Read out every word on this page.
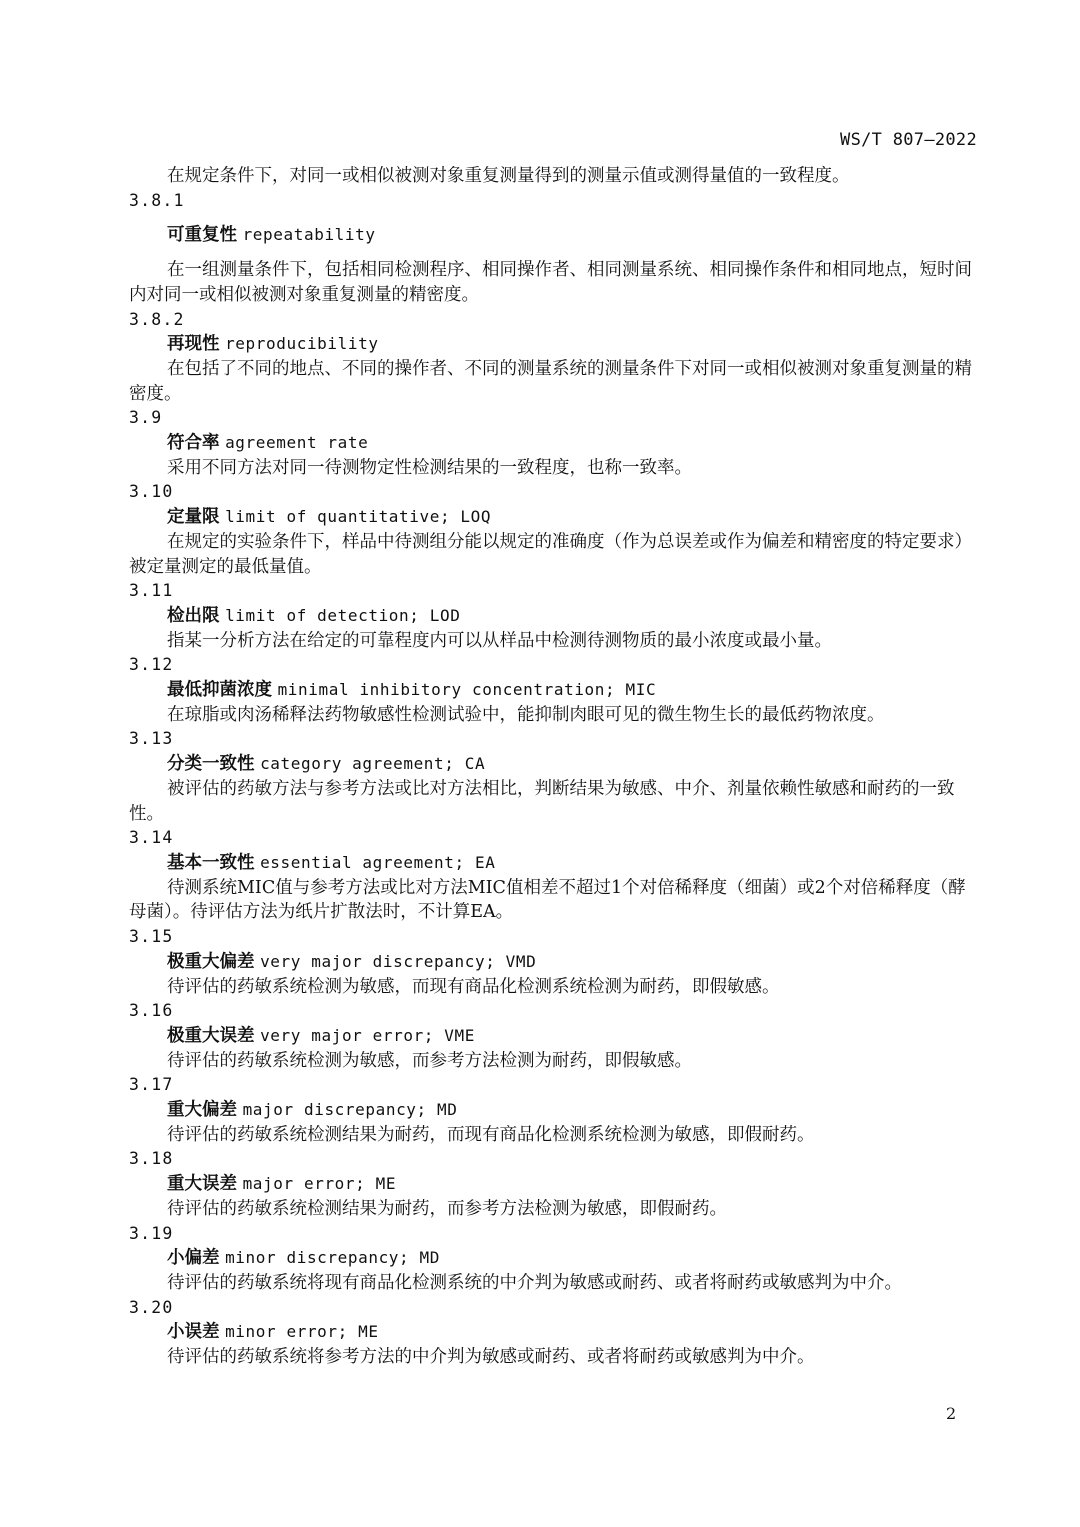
WS/T 807—2022

在规定条件下，对同一或相似被测对象重复测量得到的测量示值或测得量值的一致程度。

3.8.1
可重复性 repeatability

在一组测量条件下，包括相同检测程序、相同操作者、相同测量系统、相同操作条件和相同地点，短时间内对同一或相似被测对象重复测量的精密度。

3.8.2
再现性 reproducibility

在包括了不同的地点、不同的操作者、不同的测量系统的测量条件下对同一或相似被测对象重复测量的精密度。

3.9
符合率 agreement rate

采用不同方法对同一待测物定性检测结果的一致程度，也称一致率。

3.10
定量限 limit of quantitative; LOQ

在规定的实验条件下，样品中待测组分能以规定的准确度（作为总误差或作为偏差和精密度的特定要求）被定量测定的最低量值。

3.11
检出限 limit of detection; LOD

指某一分析方法在给定的可靠程度内可以从样品中检测待测物质的最小浓度或最小量。

3.12
最低抑菌浓度 minimal inhibitory concentration; MIC

在琼脂或肉汤稀释法药物敏感性检测试验中，能抑制肉眼可见的微生物生长的最低药物浓度。

3.13
分类一致性 category agreement; CA

被评估的药敏方法与参考方法或比对方法相比，判断结果为敏感、中介、剂量依赖性敏感和耐药的一致性。

3.14
基本一致性 essential agreement; EA

待测系统MIC值与参考方法或比对方法MIC值相差不超过1个对倍稀释度（细菌）或2个对倍稀释度（酵母菌）。待评估方法为纸片扩散法时，不计算EA。

3.15
极重大偏差 very major discrepancy; VMD

待评估的药敏系统检测为敏感，而现有商品化检测系统检测为耐药，即假敏感。

3.16
极重大误差 very major error; VME

待评估的药敏系统检测为敏感，而参考方法检测为耐药，即假敏感。

3.17
重大偏差 major discrepancy; MD

待评估的药敏系统检测结果为耐药，而现有商品化检测系统检测为敏感，即假耐药。

3.18
重大误差 major error; ME

待评估的药敏系统检测结果为耐药，而参考方法检测为敏感，即假耐药。

3.19
小偏差 minor discrepancy; MD

待评估的药敏系统将现有商品化检测系统的中介判为敏感或耐药、或者将耐药或敏感判为中介。

3.20
小误差 minor error; ME

待评估的药敏系统将参考方法的中介判为敏感或耐药、或者将耐药或敏感判为中介。

2
